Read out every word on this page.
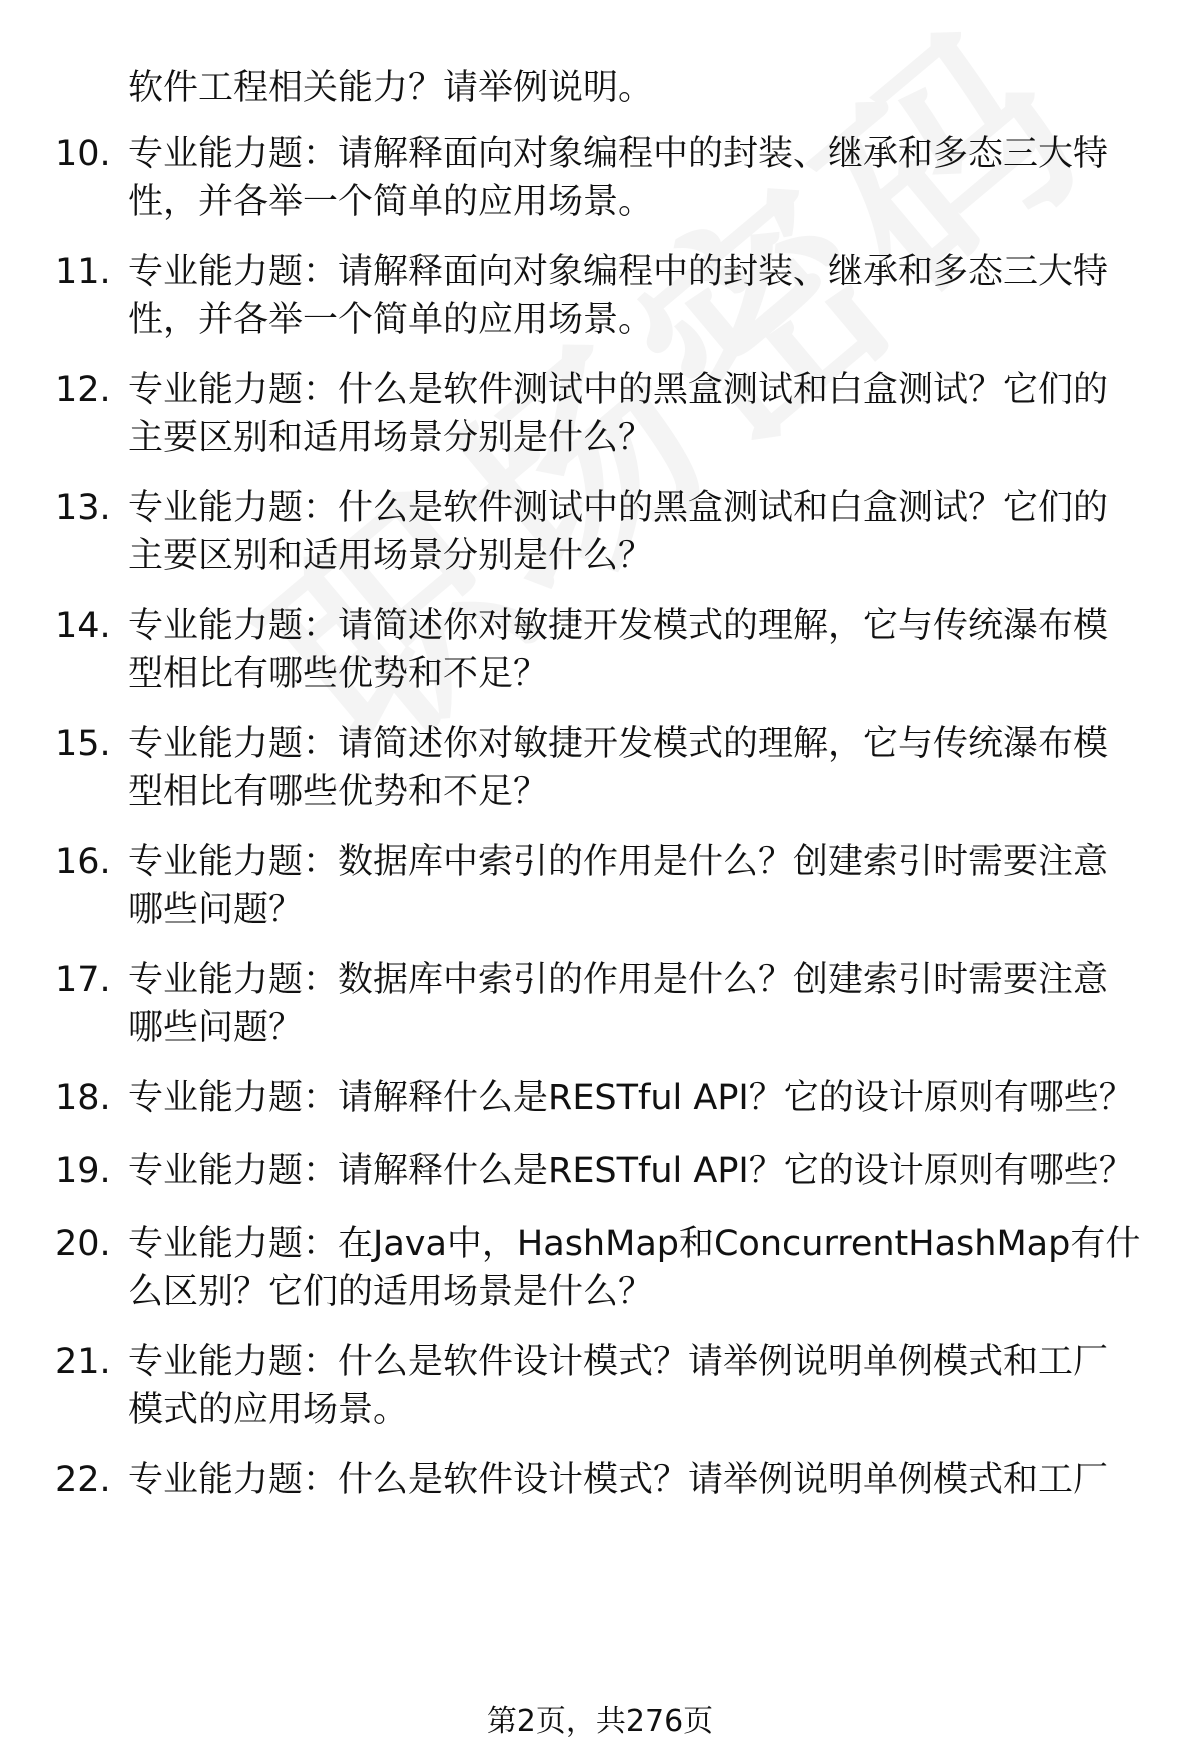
软件工程相关能力？请举例说明。
10. 专业能力题：请解释面向对象编程中的封装、继承和多态三大特
性，并各举一个简单的应用场景。
11. 专业能力题：请解释面向对象编程中的封装、继承和多态三大特
性，并各举一个简单的应用场景。
12. 专业能力题：什么是软件测试中的黑盒测试和白盒测试？它们的
主要区别和适用场景分别是什么？
13. 专业能力题：什么是软件测试中的黑盒测试和白盒测试？它们的
主要区别和适用场景分别是什么？
14. 专业能力题：请简述你对敏捷开发模式的理解，它与传统瀑布模
型相比有哪些优势和不足？
15. 专业能力题：请简述你对敏捷开发模式的理解，它与传统瀑布模
型相比有哪些优势和不足？
16. 专业能力题：数据库中索引的作用是什么？创建索引时需要注意
哪些问题？
17. 专业能力题：数据库中索引的作用是什么？创建索引时需要注意
哪些问题？
18. 专业能力题：请解释什么是RESTful API？它的设计原则有哪些？
19. 专业能力题：请解释什么是RESTful API？它的设计原则有哪些？
20. 专业能力题：在Java中，HashMap和ConcurrentHashMap有什
么区别？它们的适用场景是什么？
21. 专业能力题：什么是软件设计模式？请举例说明单例模式和工厂
模式的应用场景。
22. 专业能力题：什么是软件设计模式？请举例说明单例模式和工厂
第2页，共276页
